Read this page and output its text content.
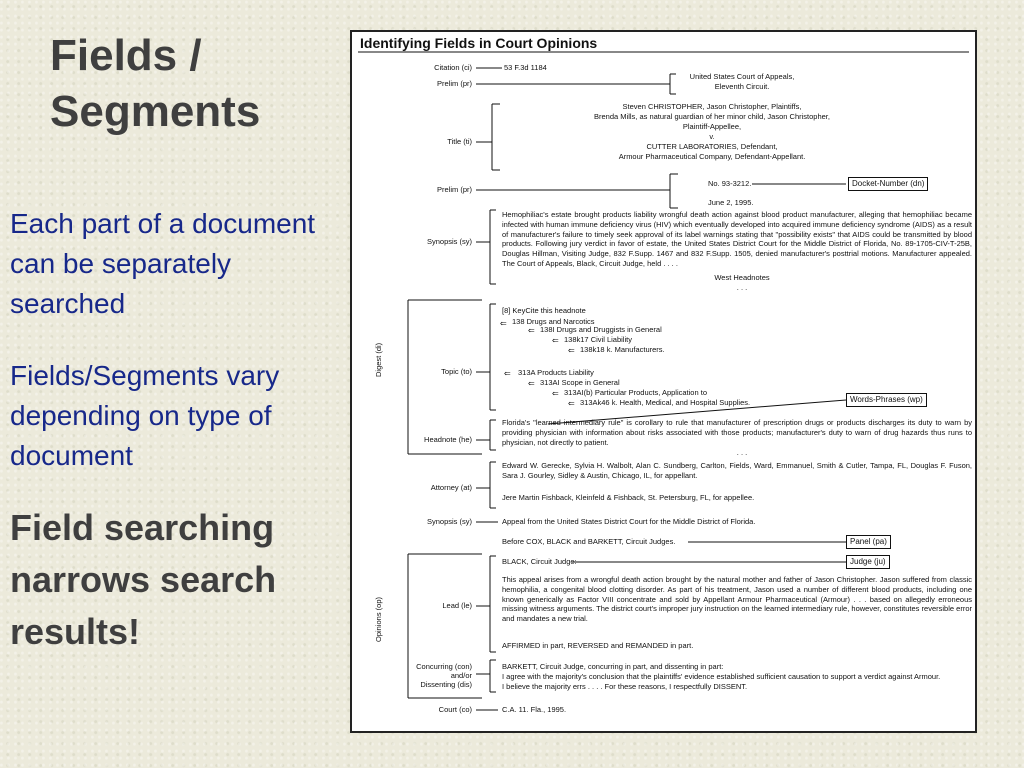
Fields /
Segments
Each part of a document can be separately searched
Fields/Segments vary depending on type of document
Field searching narrows search results!
⇐
⇐
⇐
⇐
⇐
⇐
⇐
⇐
Identifying Fields in Court Opinions
Citation (ci)
Prelim (pr)
Title (ti)
Prelim (pr)
Synopsis (sy)
Digest (di)	Topic (to)
Headnote (he)
Attorney (at)
Synopsis (sy)
Opinions (op)	Lead (le)
Concurring (con)
and/or
Dissenting (dis)
Court (co)
Docket-Number (dn)
Words-Phrases (wp)
Panel (pa)
Judge (ju)
53 F.3d 1184
United States Court of Appeals,
Eleventh Circuit.
Steven CHRISTOPHER, Jason Christopher, Plaintiffs,
Brenda Mills, as natural guardian of her minor child, Jason Christopher,
Plaintiff-Appellee,
v.
CUTTER LABORATORIES, Defendant,
Armour Pharmaceutical Company, Defendant-Appellant.
No. 93-3212.
June 2, 1995.
Hemophiliac's estate brought products liability wrongful death action against blood product manufacturer, alleging that hemophiliac became infected with human immune deficiency virus (HIV) which eventually developed into acquired immune deficiency syndrome (AIDS) as a result of manufacturer's failure to timely seek approval of its label warnings stating that "possibility exists" that AIDS could be transmitted by blood products. Following jury verdict in favor of estate, the United States District Court for the Middle District of Florida, No. 89-1705-CIV-T-25B, Douglas Hillman, Visiting Judge, 832 F.Supp. 1467 and 832 F.Supp. 1505, denied manufacturer's posttrial motions. Manufacturer appealed. The Court of Appeals, Black, Circuit Judge, held . . . .
West Headnotes
. . .
[8] KeyCite this headnote
138 Drugs and Narcotics
138I Drugs and Druggists in General
138k17 Civil Liability
138k18 k. Manufacturers.
313A Products Liability
313AI Scope in General
313AI(b) Particular Products, Application to
313Ak46 k. Health, Medical, and Hospital Supplies.
Florida's "learned intermediary rule" is corollary to rule that manufacturer of prescription drugs or products discharges its duty to warn by providing physician with information about risks associated with those products; manufacturer's duty to warn of drug hazards thus runs to physician, not directly to patient.
. . .
Edward W. Gerecke, Sylvia H. Walbolt, Alan C. Sundberg, Carlton, Fields, Ward, Emmanuel, Smith & Cutler, Tampa, FL, Douglas F. Fuson, Sara J. Gourley, Sidley & Austin, Chicago, IL, for appellant.
Jere Martin Fishback, Kleinfeld & Fishback, St. Petersburg, FL, for appellee.
Appeal from the United States District Court for the Middle District of Florida.
Before COX, BLACK and BARKETT, Circuit Judges.
BLACK, Circuit Judge:
This appeal arises from a wrongful death action brought by the natural mother and father of Jason Christopher. Jason suffered from classic hemophilia, a congenital blood clotting disorder. As part of his treatment, Jason used a number of different blood products, including one known generically as Factor VIII concentrate and sold by Appellant Armour Pharmaceutical (Armour) . . . based on allegedly erroneous missing witness arguments. The district court's improper jury instruction on the learned intermediary rule, however, constitutes reversible error and mandates a new trial.
AFFIRMED in part, REVERSED and REMANDED in part.
BARKETT, Circuit Judge, concurring in part, and dissenting in part:
I agree with the majority's conclusion that the plaintiffs' evidence established sufficient causation to support a verdict against Armour.
I believe the majority errs . . . . For these reasons, I respectfully DISSENT.
C.A. 11. Fla., 1995.
